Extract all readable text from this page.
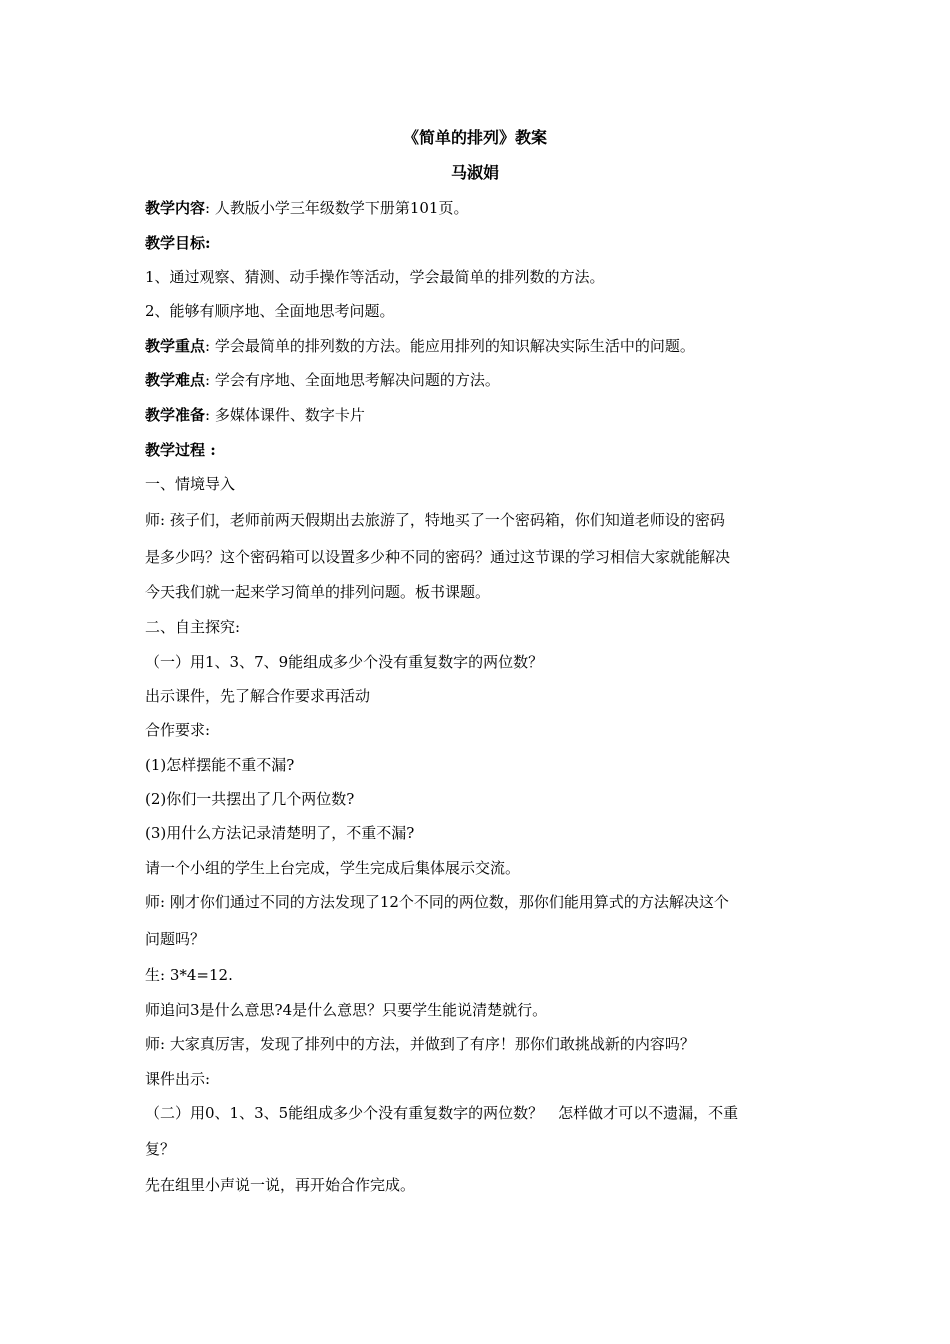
《简单的排列》教案

马淑娟

教学内容: 人教版小学三年级数学下册第101页。

教学目标:

1、通过观察、猜测、动手操作等活动，学会最简单的排列数的方法。

2、能够有顺序地、全面地思考问题。

教学重点: 学会最简单的排列数的方法。能应用排列的知识解决实际生活中的问题。

教学难点: 学会有序地、全面地思考解决问题的方法。

教学准备: 多媒体课件、数字卡片

教学过程 :

一、情境导入

师: 孩子们，老师前两天假期出去旅游了，特地买了一个密码箱，你们知道老师设的密码

是多少吗？这个密码箱可以设置多少种不同的密码？通过这节课的学习相信大家就能解决

今天我们就一起来学习简单的排列问题。板书课题。

二、自主探究:

（一）用1、3、7、9能组成多少个没有重复数字的两位数？

出示课件，先了解合作要求再活动

合作要求:

(1)怎样摆能不重不漏?

(2)你们一共摆出了几个两位数?

(3)用什么方法记录清楚明了，不重不漏?

请一个小组的学生上台完成，学生完成后集体展示交流。

师: 刚才你们通过不同的方法发现了12个不同的两位数，那你们能用算式的方法解决这个

问题吗？

生: 3*4=12.

师追问3是什么意思?4是什么意思？只要学生能说清楚就行。

师: 大家真厉害，发现了排列中的方法，并做到了有序！那你们敢挑战新的内容吗？

课件出示:

（二）用0、1、3、5能组成多少个没有重复数字的两位数？　怎样做才可以不遗漏，不重

复？

先在组里小声说一说，再开始合作完成。
